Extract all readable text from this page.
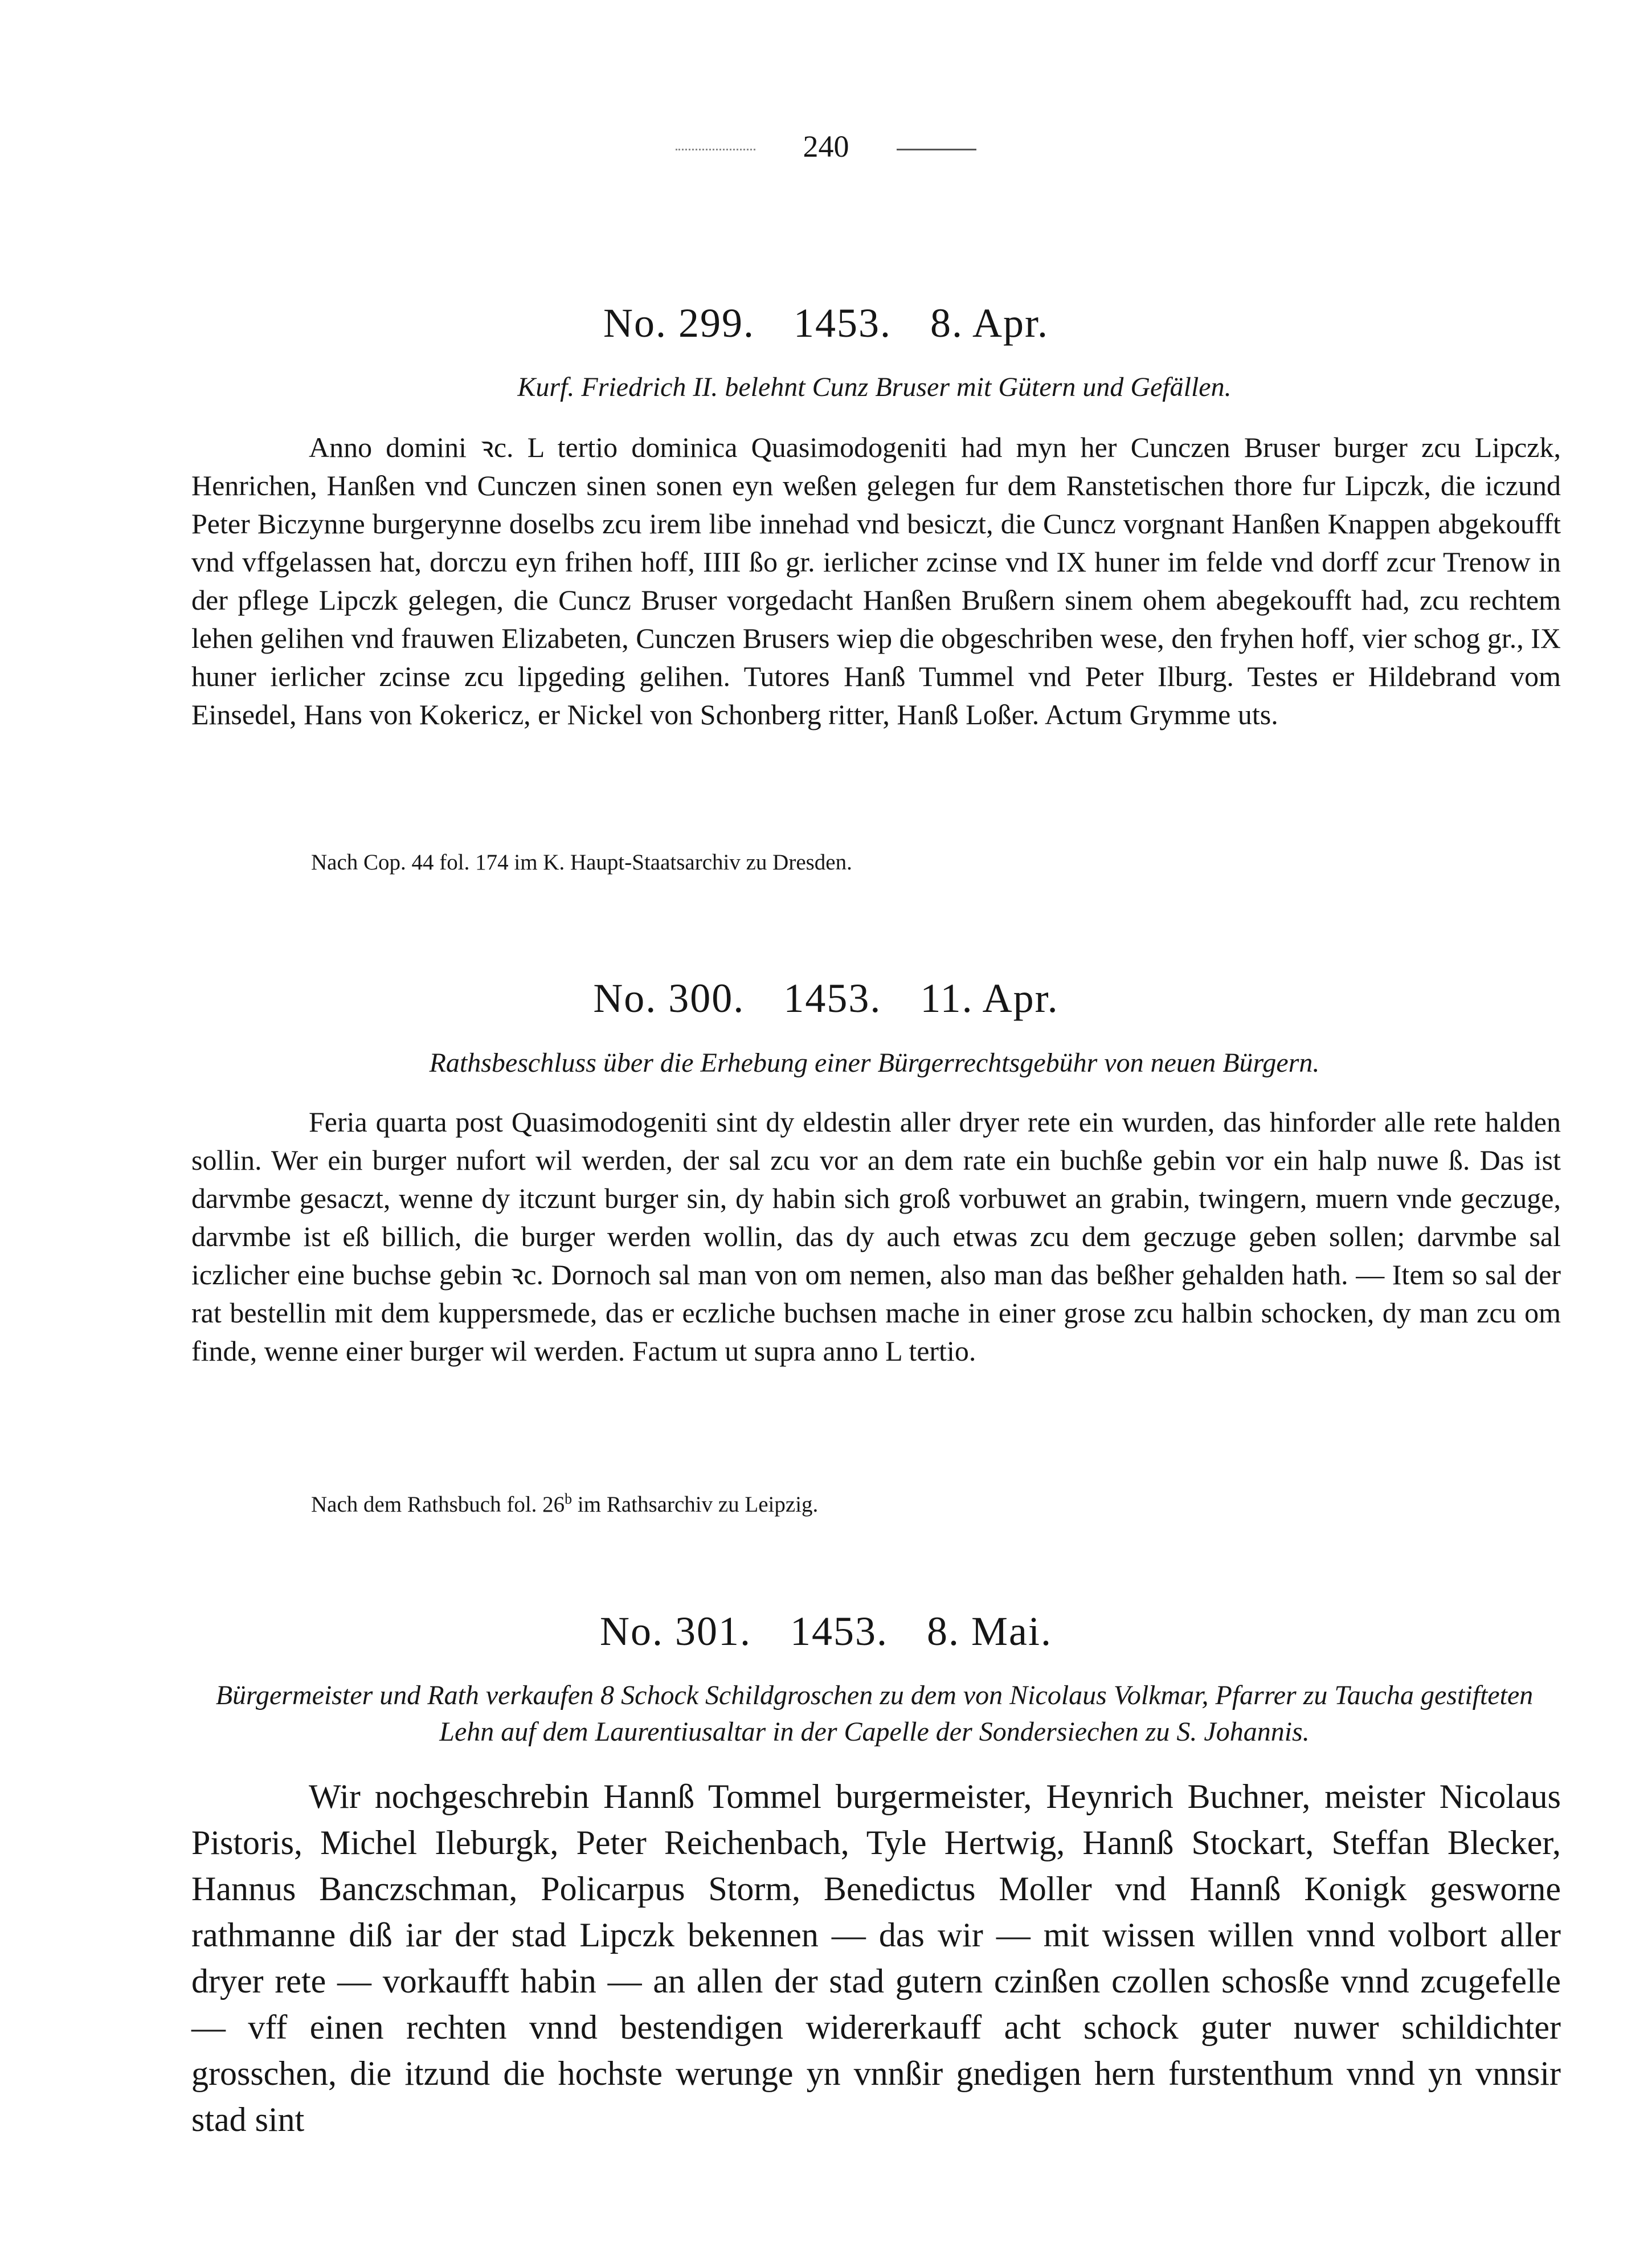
240
No. 299. 1453. 8. Apr.
Kurf. Friedrich II. belehnt Cunz Bruser mit Gütern und Gefällen.
Anno domini ꝛc. L tertio dominica Quasimodogeniti had myn her Cunczen Bruser burger zcu Lipczk, Henrichen, Hanßen vnd Cunczen sinen sonen eyn weßen gelegen fur dem Ranstetischen thore fur Lipczk, die iczund Peter Biczynne burgerynne doselbs zcu irem libe innehad vnd besiczt, die Cuncz vorgnant Hanßen Knappen abgekoufft vnd vffgelassen hat, dorczu eyn frihen hoff, IIII ßo gr. ierlicher zcinse vnd IX huner im felde vnd dorff zcur Trenow in der pflege Lipczk gelegen, die Cuncz Bruser vorgedacht Hanßen Brußern sinem ohem abegekoufft had, zcu rechtem lehen gelihen vnd frauwen Elizabeten, Cunczen Brusers wiep die obgeschriben wese, den fryhen hoff, vier schog gr., IX huner ierlicher zcinse zcu lipgeding gelihen. Tutores Hanß Tummel vnd Peter Ilburg. Testes er Hildebrand vom Einsedel, Hans von Kokericz, er Nickel von Schonberg ritter, Hanß Loßer. Actum Grymme uts.
Nach Cop. 44 fol. 174 im K. Haupt-Staatsarchiv zu Dresden.
No. 300. 1453. 11. Apr.
Rathsbeschluss über die Erhebung einer Bürgerrechtsgebühr von neuen Bürgern.
Feria quarta post Quasimodogeniti sint dy eldestin aller dryer rete ein wurden, das hinforder alle rete halden sollin. Wer ein burger nufort wil werden, der sal zcu vor an dem rate ein buchße gebin vor ein halp nuwe ß. Das ist darvmbe gesaczt, wenne dy itczunt burger sin, dy habin sich groß vorbuwet an grabin, twingern, muern vnde geczuge, darvmbe ist eß billich, die burger werden wollin, das dy auch etwas zcu dem geczuge geben sollen; darvmbe sal iczlicher eine buchse gebin ꝛc. Dornoch sal man von om nemen, also man das beßher gehalden hath. — Item so sal der rat bestellin mit dem kuppersmede, das er eczliche buchsen mache in einer grose zcu halbin schocken, dy man zcu om finde, wenne einer burger wil werden. Factum ut supra anno L tertio.
Nach dem Rathsbuch fol. 26$^b$ im Rathsarchiv zu Leipzig.
No. 301. 1453. 8. Mai.
Bürgermeister und Rath verkaufen 8 Schock Schildgroschen zu dem von Nicolaus Volkmar, Pfarrer zu Taucha gestifteten Lehn auf dem Laurentiusaltar in der Capelle der Sondersiechen zu S. Johannis.
Wir nochgeschrebin Hannß Tommel burgermeister, Heynrich Buchner, meister Nicolaus Pistoris, Michel Ileburgk, Peter Reichenbach, Tyle Hertwig, Hannß Stockart, Steffan Blecker, Hannus Banczschman, Policarpus Storm, Benedictus Moller vnd Hannß Konigk gesworne rathmanne diß iar der stad Lipczk bekennen — das wir — mit wissen willen vnnd volbort aller dryer rete — vorkaufft habin — an allen der stad gutern czinßen czollen schosße vnnd zcugefelle — vff einen rechten vnnd bestendigen widererkauff acht schock guter nuwer schildichter grosschen, die itzund die hochste werunge yn vnnßir gnedigen hern furstenthum vnnd yn vnnsir stad sint
